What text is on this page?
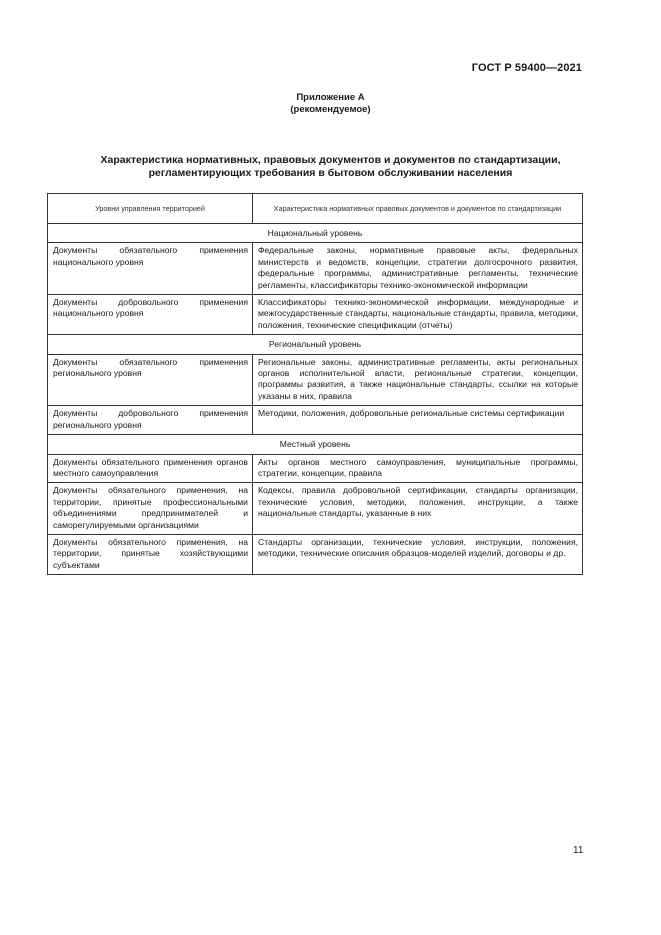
ГОСТ Р 59400—2021
Приложение А
(рекомендуемое)
Характеристика нормативных, правовых документов и документов по стандартизации,
регламентирующих требования в бытовом обслуживании населения
Уровни управления территорией	Характеристика нормативных правовых документов и документов по стандартизации
Национальный уровень	
Документы обязательного применения национального уровня	Федеральные законы, нормативные правовые акты, федеральных министерств и ведомств, концепции, стратегии долгосрочного развития, федеральные программы, административные регламенты, технические регламенты, классификаторы технико-экономической информации
Документы добровольного применения национального уровня	Классификаторы технико-экономической информации, международные и межгосударственные стандарты, национальные стандарты, правила, методики, положения, технические спецификации (отчеты)
Региональный уровень	
Документы обязательного применения регионального уровня	Региональные законы, административные регламенты, акты региональных органов исполнительной власти, региональные стратегии, концепции, программы развития, а также национальные стандарты, ссылки на которые указаны в них, правила
Документы добровольного применения регионального уровня	Методики, положения, добровольные региональные системы сертификации
Местный уровень	
Документы обязательного применения органов местного самоуправления	Акты органов местного самоуправления, муниципальные программы, стратегии, концепции, правила
Документы обязательного применения, на территории, принятые профессиональными объединениями предпринимателей и саморегулируемыми организациями	Кодексы, правила добровольной сертификации, стандарты организации, технические условия, методики, положения, инструкции, а также национальные стандарты, указанные в них
Документы обязательного применения, на территории, принятые хозяйствующими субъектами	Стандарты организации, технические условия, инструкции, положения, методики, технические описания образцов-моделей изделий, договоры и др.
11
